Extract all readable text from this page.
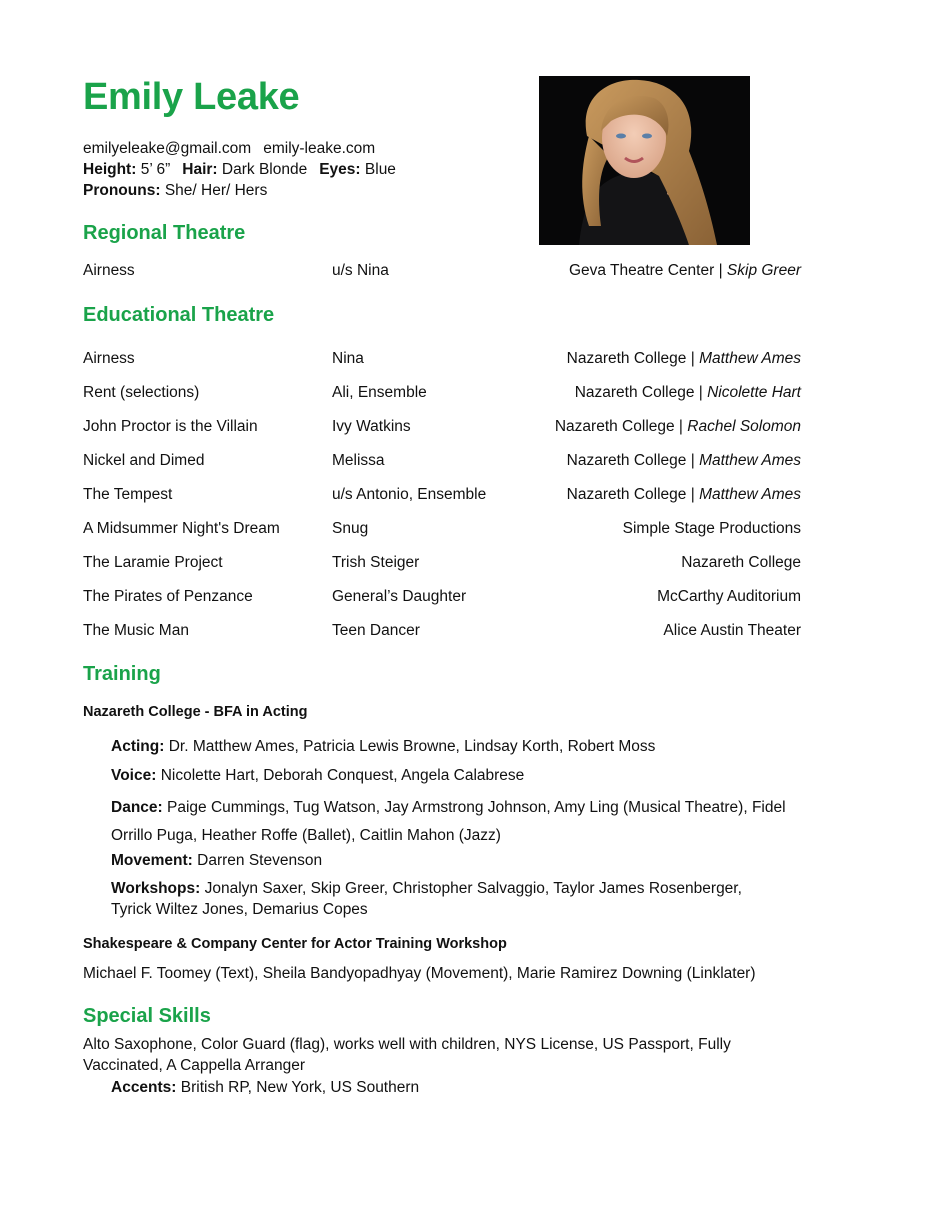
Emily Leake
emilyeleake@gmail.com emily-leake.com
Height: 5’ 6” Hair: Dark Blonde Eyes: Blue
Pronouns: She/ Her/ Hers
Regional Theatre
Airness	u/s Nina	Geva Theatre Center | Skip Greer
Educational Theatre
Airness	Nina	Nazareth College | Matthew Ames
Rent (selections)	Ali, Ensemble	Nazareth College | Nicolette Hart
John Proctor is the Villain	Ivy Watkins	Nazareth College | Rachel Solomon
Nickel and Dimed	Melissa	Nazareth College | Matthew Ames
The Tempest	u/s Antonio, Ensemble	Nazareth College | Matthew Ames
A Midsummer Night's Dream	Snug	Simple Stage Productions
The Laramie Project	Trish Steiger	Nazareth College
The Pirates of Penzance	General’s Daughter	McCarthy Auditorium
The Music Man	Teen Dancer	Alice Austin Theater
Training
Nazareth College - BFA in Acting
Acting: Dr. Matthew Ames, Patricia Lewis Browne, Lindsay Korth, Robert Moss
Voice: Nicolette Hart, Deborah Conquest, Angela Calabrese
Dance: Paige Cummings, Tug Watson, Jay Armstrong Johnson, Amy Ling (Musical Theatre), Fidel Orrillo Puga, Heather Roffe (Ballet), Caitlin Mahon (Jazz)
Movement: Darren Stevenson
Workshops: Jonalyn Saxer, Skip Greer, Christopher Salvaggio, Taylor James Rosenberger, Tyrick Wiltez Jones, Demarius Copes
Shakespeare & Company Center for Actor Training Workshop
Michael F. Toomey (Text), Sheila Bandyopadhyay (Movement), Marie Ramirez Downing (Linklater)
Special Skills
Alto Saxophone, Color Guard (flag), works well with children, NYS License, US Passport, Fully Vaccinated, A Cappella Arranger
Accents: British RP, New York, US Southern
